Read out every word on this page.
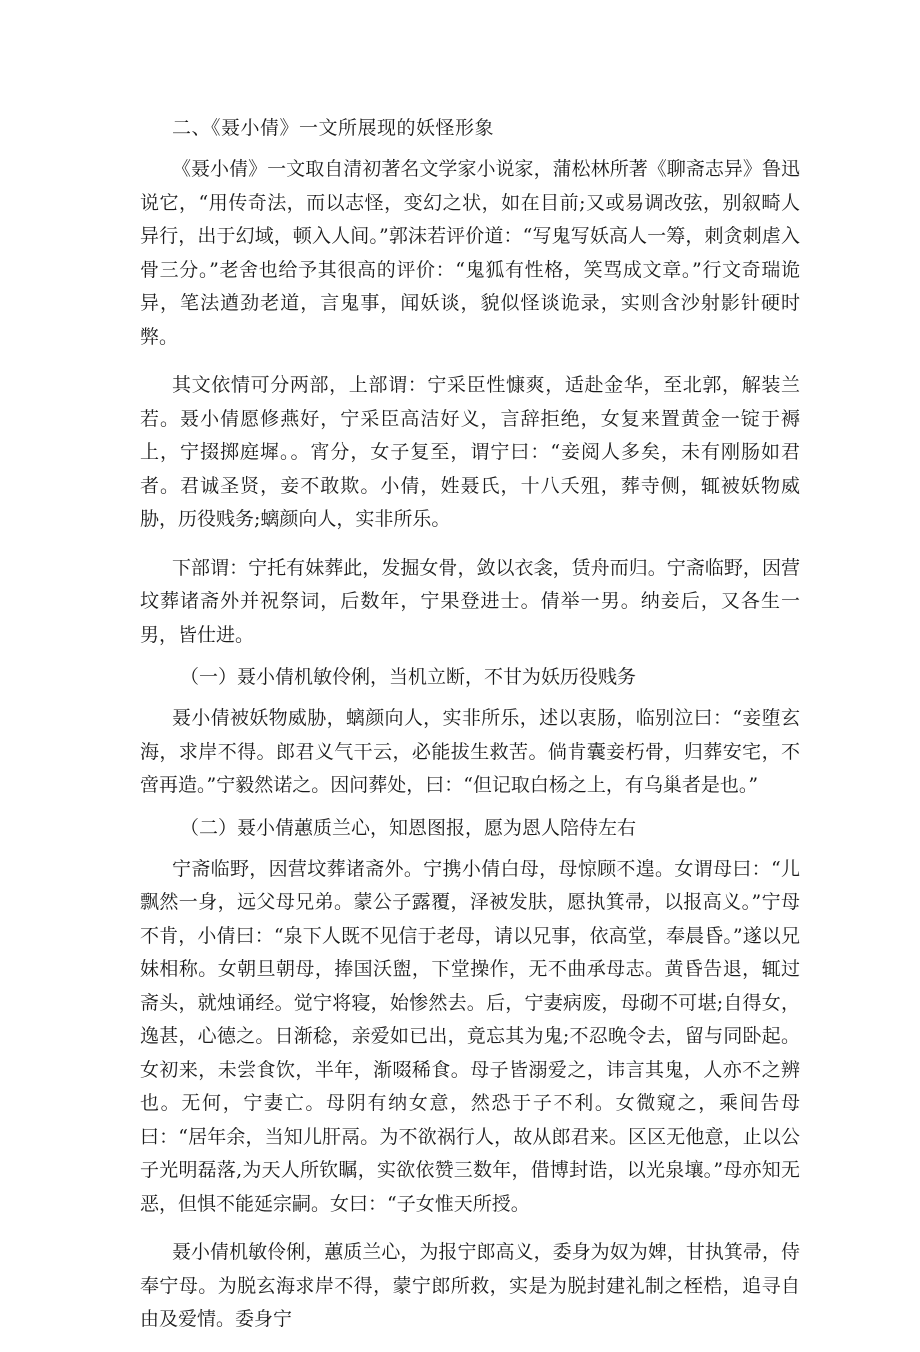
二、《聂小倩》一文所展现的妖怪形象

《聂小倩》一文取自清初著名文学家小说家，蒲松林所著《聊斋志异》鲁迅说它，“用传奇法，而以志怪，变幻之状，如在目前;又或易调改弦，别叙畸人异行，出于幻域，顿入人间。”郭沫若评价道：“写鬼写妖高人一筹，刺贪刺虐入骨三分。”老舍也给予其很高的评价：“鬼狐有性格，笑骂成文章。”行文奇瑞诡异，笔法遒劲老道，言鬼事，闻妖谈，貌似怪谈诡录，实则含沙射影针硬时弊。

其文依情可分两部，上部谓：宁采臣性慷爽，适赴金华，至北郭，解装兰若。聂小倩愿修燕好，宁采臣高洁好义，言辞拒绝，女复来置黄金一锭于褥上，宁掇掷庭墀。。宵分，女子复至，谓宁曰：“妾阅人多矣，未有刚肠如君者。君诚圣贤，妾不敢欺。小倩，姓聂氏，十八夭殂，葬寺侧，辄被妖物威胁，历役贱务;螭颜向人，实非所乐。

下部谓：宁托有妹葬此，发掘女骨，敛以衣衾，赁舟而归。宁斋临野，因营坟葬诸斋外并祝祭词，后数年，宁果登进士。倩举一男。纳妾后，又各生一男，皆仕进。

（一）聂小倩机敏伶俐，当机立断，不甘为妖历役贱务

聂小倩被妖物威胁，螭颜向人，实非所乐，述以衷肠，临别泣曰：“妾堕玄海，求岸不得。郎君义气干云，必能拔生救苦。倘肯囊妾朽骨，归葬安宅，不啻再造。”宁毅然诺之。因问葬处，曰：“但记取白杨之上，有乌巢者是也。”

（二）聂小倩蕙质兰心，知恩图报，愿为恩人陪侍左右

宁斋临野，因营坟葬诸斋外。宁携小倩白母，母惊顾不遑。女谓母曰：“儿飘然一身，远父母兄弟。蒙公子露覆，泽被发肤，愿执箕帚，以报高义。”宁母不肯，小倩曰：“泉下人既不见信于老母，请以兄事，依高堂，奉晨昏。”遂以兄妹相称。女朝旦朝母，捧国沃盥，下堂操作，无不曲承母志。黄昏告退，辄过斋头，就烛诵经。觉宁将寝，始惨然去。后，宁妻病废，母砌不可堪;自得女，逸甚，心德之。日渐稔，亲爱如已出，竟忘其为鬼;不忍晚令去，留与同卧起。女初来，未尝食饮，半年，渐啜稀食。母子皆溺爱之，讳言其鬼，人亦不之辨也。无何，宁妻亡。母阴有纳女意，然恐于子不利。女微窥之，乘间告母曰：“居年余，当知儿肝鬲。为不欲祸行人，故从郎君来。区区无他意，止以公子光明磊落,为天人所钦瞩，实欲依赞三数年，借博封诰，以光泉壤。”母亦知无恶，但惧不能延宗嗣。女曰：“子女惟天所授。

聂小倩机敏伶俐，蕙质兰心，为报宁郎高义，委身为奴为婢，甘执箕帚，侍奉宁母。为脱玄海求岸不得，蒙宁郎所救，实是为脱封建礼制之桎梏，追寻自由及爱情。委身宁
